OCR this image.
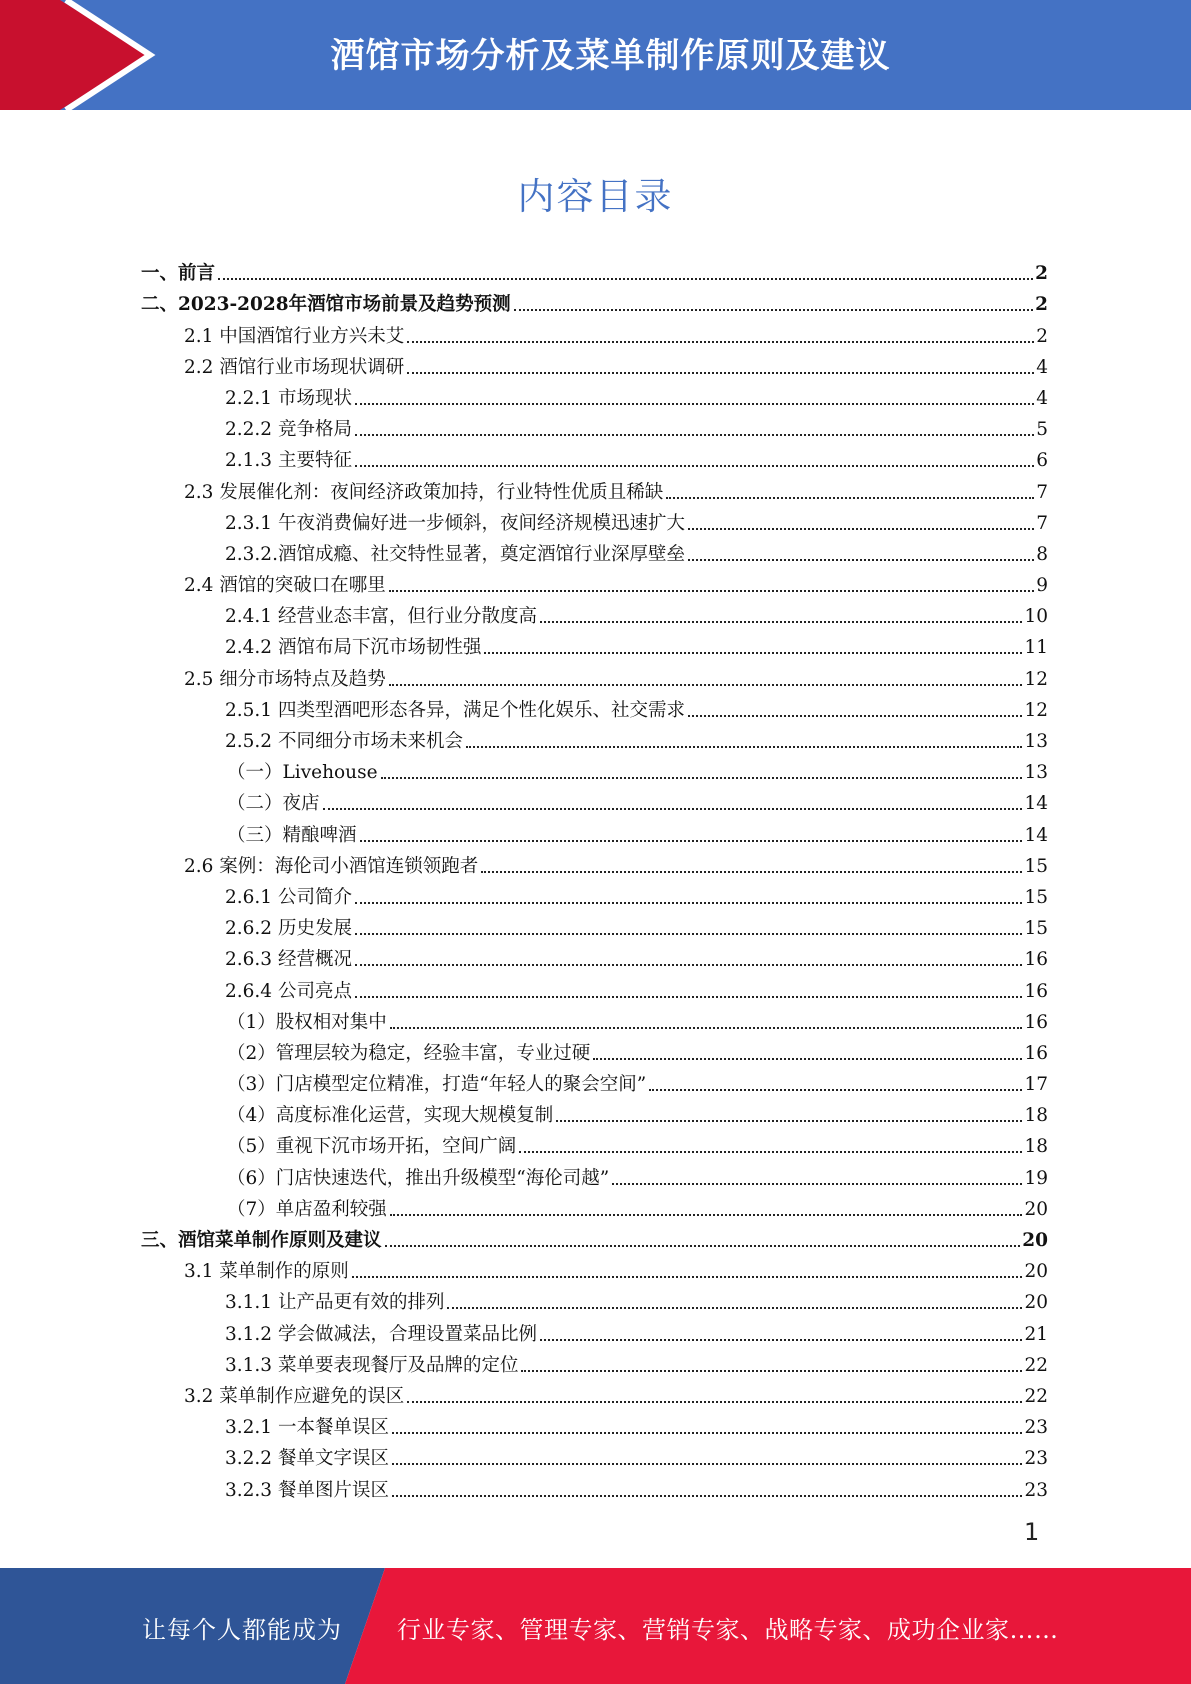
酒馆市场分析及菜单制作原则及建议
内容目录
一、前言	2
二、2023-2028年酒馆市场前景及趋势预测	2
2.1 中国酒馆行业方兴未艾	2
2.2 酒馆行业市场现状调研	4
2.2.1 市场现状	4
2.2.2 竞争格局	5
2.1.3 主要特征	6
2.3 发展催化剂：夜间经济政策加持，行业特性优质且稀缺	7
2.3.1 午夜消费偏好进一步倾斜，夜间经济规模迅速扩大	7
2.3.2.酒馆成瘾、社交特性显著，奠定酒馆行业深厚壁垒	8
2.4 酒馆的突破口在哪里	9
2.4.1 经营业态丰富，但行业分散度高	10
2.4.2 酒馆布局下沉市场韧性强	11
2.5 细分市场特点及趋势	12
2.5.1 四类型酒吧形态各异，满足个性化娱乐、社交需求	12
2.5.2 不同细分市场未来机会	13
（一）Livehouse	13
（二）夜店	14
（三）精酿啤酒	14
2.6 案例：海伦司小酒馆连锁领跑者	15
2.6.1 公司简介	15
2.6.2 历史发展	15
2.6.3 经营概况	16
2.6.4 公司亮点	16
（1）股权相对集中	16
（2）管理层较为稳定，经验丰富，专业过硬	16
（3）门店模型定位精准，打造“年轻人的聚会空间”	17
（4）高度标准化运营，实现大规模复制	18
（5）重视下沉市场开拓，空间广阔	18
（6）门店快速迭代，推出升级模型“海伦司越”	19
（7）单店盈利较强	20
三、酒馆菜单制作原则及建议	20
3.1 菜单制作的原则	20
3.1.1 让产品更有效的排列	20
3.1.2 学会做减法，合理设置菜品比例	21
3.1.3 菜单要表现餐厅及品牌的定位	22
3.2 菜单制作应避免的误区	22
3.2.1 一本餐单误区	23
3.2.2 餐单文字误区	23
3.2.3 餐单图片误区	23
1
让每个人都能成为 行业专家、管理专家、营销专家、战略专家、成功企业家……
